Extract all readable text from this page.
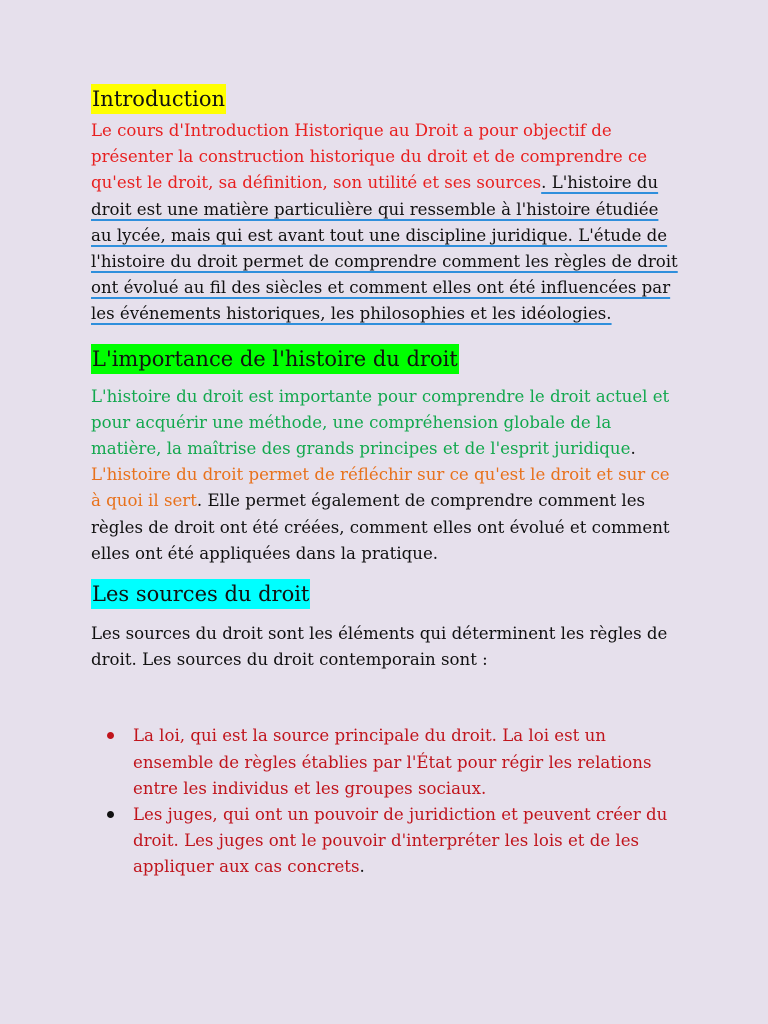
Introduction

Le cours d'Introduction Historique au Droit a pour objectif de présenter la construction historique du droit et de comprendre ce qu'est le droit, sa définition, son utilité et ses sources. L'histoire du droit est une matière particulière qui ressemble à l'histoire étudiée au lycée, mais qui est avant tout une discipline juridique. L'étude de l'histoire du droit permet de comprendre comment les règles de droit ont évolué au fil des siècles et comment elles ont été influencées par les événements historiques, les philosophies et les idéologies.

L'importance de l'histoire du droit

L'histoire du droit est importante pour comprendre le droit actuel et pour acquérir une méthode, une compréhension globale de la matière, la maîtrise des grands principes et de l'esprit juridique. L'histoire du droit permet de réfléchir sur ce qu'est le droit et sur ce à quoi il sert. Elle permet également de comprendre comment les règles de droit ont été créées, comment elles ont évolué et comment elles ont été appliquées dans la pratique.

Les sources du droit

Les sources du droit sont les éléments qui déterminent les règles de droit. Les sources du droit contemporain sont :

La loi, qui est la source principale du droit. La loi est un ensemble de règles établies par l'État pour régir les relations entre les individus et les groupes sociaux.
Les juges, qui ont un pouvoir de juridiction et peuvent créer du droit. Les juges ont le pouvoir d'interpréter les lois et de les appliquer aux cas concrets.
